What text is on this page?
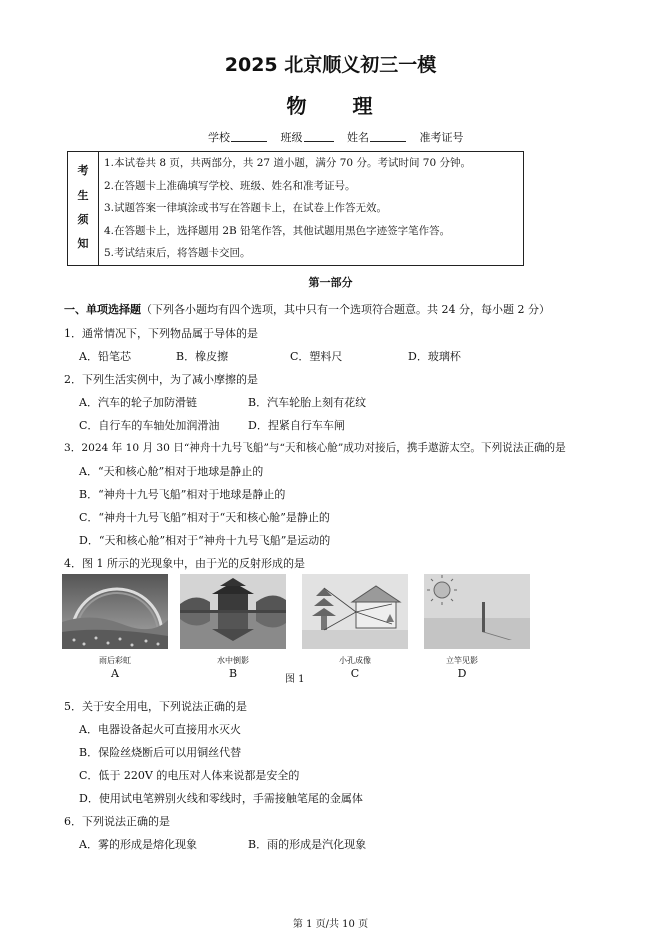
2025 北京顺义初三一模
物 理
学校	班级	姓名	准考证号
考
生
须
知
1.本试卷共 8 页，共两部分，共 27 道小题，满分 70 分。考试时间 70 分钟。
2.在答题卡上准确填写学校、班级、姓名和准考证号。
3.试题答案一律填涂或书写在答题卡上，在试卷上作答无效。
4.在答题卡上，选择题用 2B 铅笔作答，其他试题用黑色字迹签字笔作答。
5.考试结束后，将答题卡交回。
第一部分
一、单项选择题（下列各小题均有四个选项，其中只有一个选项符合题意。共 24 分，每小题 2 分）
1．通常情况下，下列物品属于导体的是
A．铅笔芯	B．橡皮擦	C．塑料尺	D．玻璃杯
2．下列生活实例中，为了减小摩擦的是
A．汽车的轮子加防滑链	B．汽车轮胎上刻有花纹
C．自行车的车轴处加润滑油	D．捏紧自行车车闸
3．2024 年 10 月 30 日“神舟十九号飞船”与“天和核心舱”成功对接后，携手遨游太空。下列说法正确的是
A．“天和核心舱”相对于地球是静止的
B．“神舟十九号飞船”相对于地球是静止的
C．“神舟十九号飞船”相对于“天和核心舱”是静止的
D．“天和核心舱”相对于“神舟十九号飞船”是运动的
4．图 1 所示的光现象中，由于光的反射形成的是
雨后彩虹
A
水中倒影
B	图 1
小孔成像
C
立竿见影
D
5．关于安全用电，下列说法正确的是
A．电器设备起火可直接用水灭火
B．保险丝烧断后可以用铜丝代替
C．低于 220V 的电压对人体来说都是安全的
D．使用试电笔辨别火线和零线时，手需接触笔尾的金属体
6．下列说法正确的是
A．雾的形成是熔化现象	B．雨的形成是汽化现象
第 1 页/共 10 页
